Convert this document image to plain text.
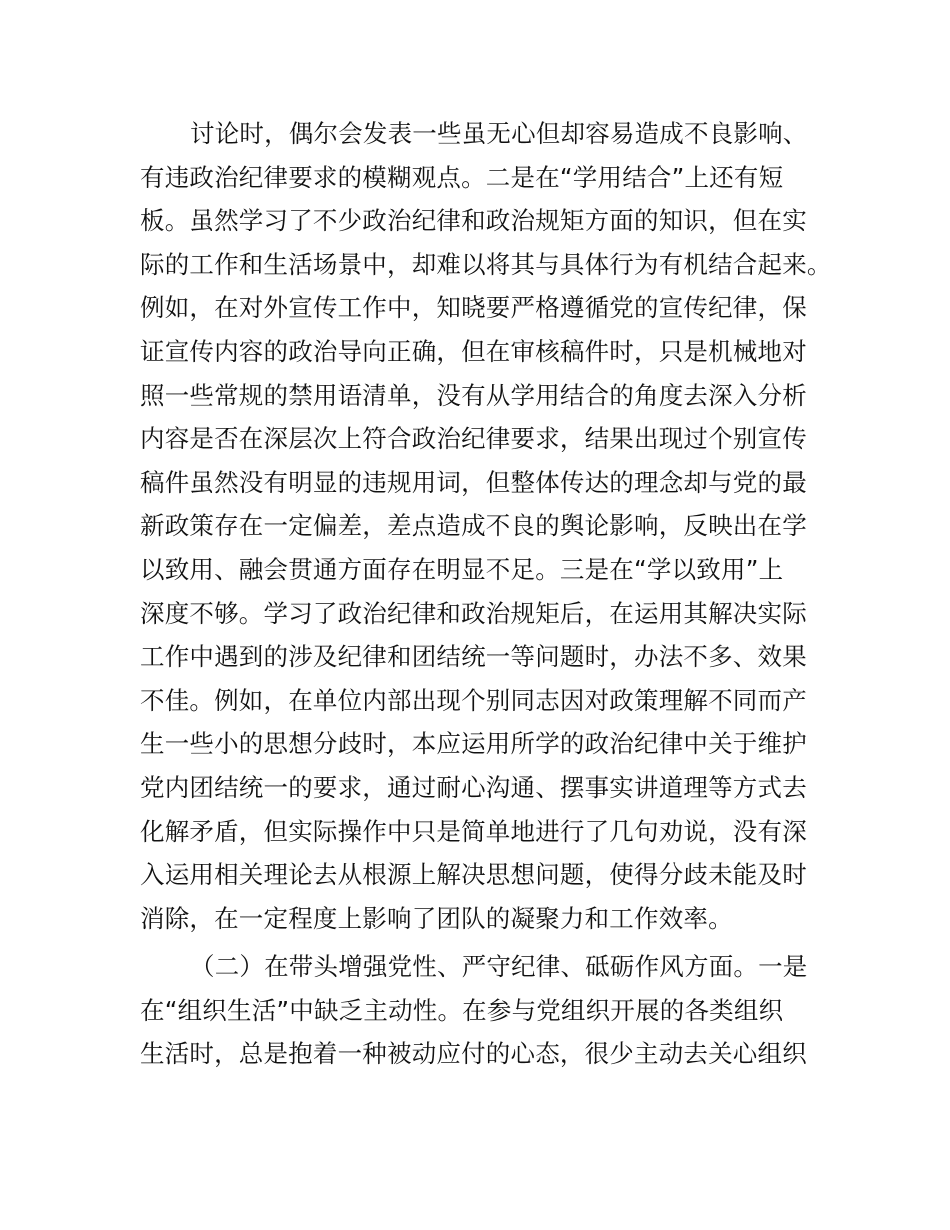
讨论时，偶尔会发表一些虽无心但却容易造成不良影响、
有违政治纪律要求的模糊观点。二是在“学用结合”上还有短
板。虽然学习了不少政治纪律和政治规矩方面的知识，但在实
际的工作和生活场景中，却难以将其与具体行为有机结合起来。
例如，在对外宣传工作中，知晓要严格遵循党的宣传纪律，保
证宣传内容的政治导向正确，但在审核稿件时，只是机械地对
照一些常规的禁用语清单，没有从学用结合的角度去深入分析
内容是否在深层次上符合政治纪律要求，结果出现过个别宣传
稿件虽然没有明显的违规用词，但整体传达的理念却与党的最
新政策存在一定偏差，差点造成不良的舆论影响，反映出在学
以致用、融会贯通方面存在明显不足。三是在“学以致用”上
深度不够。学习了政治纪律和政治规矩后，在运用其解决实际
工作中遇到的涉及纪律和团结统一等问题时，办法不多、效果
不佳。例如，在单位内部出现个别同志因对政策理解不同而产
生一些小的思想分歧时，本应运用所学的政治纪律中关于维护
党内团结统一的要求，通过耐心沟通、摆事实讲道理等方式去
化解矛盾，但实际操作中只是简单地进行了几句劝说，没有深
入运用相关理论去从根源上解决思想问题，使得分歧未能及时
消除，在一定程度上影响了团队的凝聚力和工作效率。
（二）在带头增强党性、严守纪律、砥砺作风方面。一是
在“组织生活”中缺乏主动性。在参与党组织开展的各类组织
生活时，总是抱着一种被动应付的心态，很少主动去关心组织
